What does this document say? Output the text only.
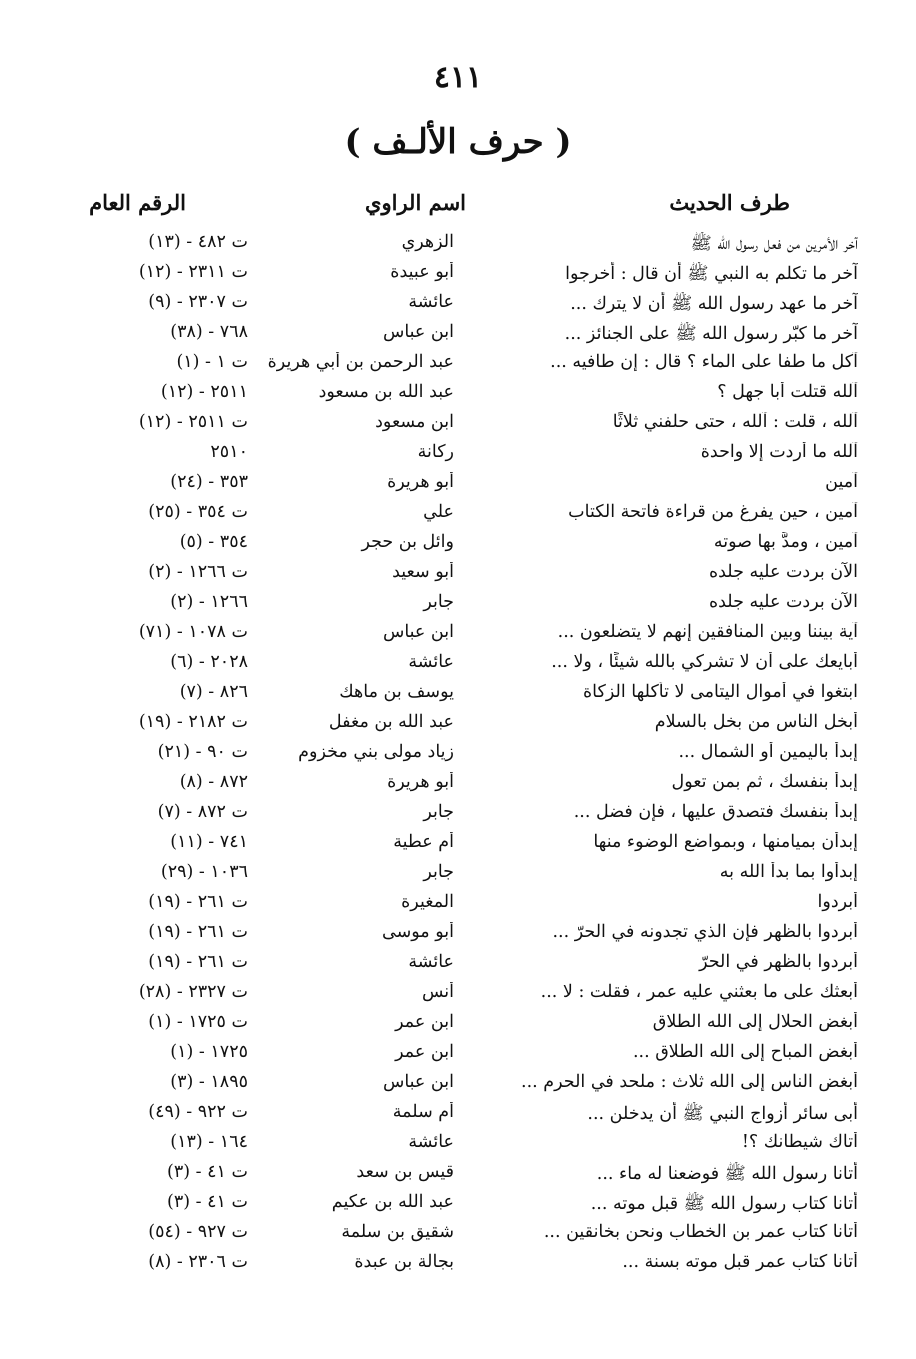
٤١١
( حرف الألـف )
طرف الحديث
اسم الراوي
الرقم العام
آخر الأمرين من فعل رسول الله ﷺ
الزهري
ت ٤٨٢ - (١٣)
آخر ما تكلم به النبي ﷺ أن قال : أخرجوا
أبو عبيدة
ت ٢٣١١ - (١٢)
آخر ما عهد رسول الله ﷺ أن لا يترك ...
عائشة
ت ٢٣٠٧ - (٩)
آخر ما كبّر رسول الله ﷺ على الجنائز ...
ابن عباس
٧٦٨ - (٣٨)
آكل ما طفا على الماء ؟ قال : إن طافيه ...
عبد الرحمن بن أبي هريرة
ت ١ - (١)
آلله قتلت أبا جهل ؟
عبد الله بن مسعود
٢٥١١ - (١٢)
آلله ، قلت : آلله ، حتى حلفني ثلاثًا
ابن مسعود
ت ٢٥١١ - (١٢)
آلله ما أردت إلا واحدة
ركانة
٢٥١٠
آمين
أبو هريرة
٣٥٣ - (٢٤)
آمين ، حين يفرغ من قراءة فاتحة الكتاب
علي
ت ٣٥٤ - (٢٥)
آمين ، ومدَّ بها صوته
وائل بن حجر
٣٥٤ - (٥)
الآن بردت عليه جلده
أبو سعيد
ت ١٢٦٦ - (٢)
الآن بردت عليه جلده
جابر
١٢٦٦ - (٢)
آية بيننا وبين المنافقين إنهم لا يتضلعون ...
ابن عباس
ت ١٠٧٨ - (٧١)
أبايعك على أن لا تشركي بالله شيئًا ، ولا ...
عائشة
٢٠٢٨ - (٦)
ابتغوا في أموال اليتامى لا تأكلها الزكاة
يوسف بن ماهك
٨٢٦ - (٧)
أبخل الناس من بخل بالسلام
عبد الله بن مغفل
ت ٢١٨٢ - (١٩)
إبدأ باليمين أو الشمال ...
زياد مولى بني مخزوم
ت ٩٠ - (٢١)
إبدأ بنفسك ، ثم بمن تعول
أبو هريرة
٨٧٢ - (٨)
إبدأ بنفسك فتصدق عليها ، فإن فضل ...
جابر
ت ٨٧٢ - (٧)
إبدأن بميامنها ، وبمواضع الوضوء منها
أم عطية
٧٤١ - (١١)
إبدأوا بما بدأ الله به
جابر
١٠٣٦ - (٢٩)
أبردوا
المغيرة
ت ٢٦١ - (١٩)
أبردوا بالظهر فإن الذي تجدونه في الحرّ ...
أبو موسى
ت ٢٦١ - (١٩)
أبردوا بالظهر في الحرّ
عائشة
ت ٢٦١ - (١٩)
أبعثك على ما بعثني عليه عمر ، فقلت : لا ...
أنس
ت ٢٣٢٧ - (٢٨)
أبغض الحلال إلى الله الطلاق
ابن عمر
ت ١٧٢٥ - (١)
أبغض المباح إلى الله الطلاق ...
ابن عمر
١٧٢٥ - (١)
أبغض الناس إلى الله ثلاث : ملحد في الحرم ...
ابن عباس
١٨٩٥ - (٣)
أبى سائر أزواج النبي ﷺ أن يدخلن ...
أم سلمة
ت ٩٢٢ - (٤٩)
أتاك شيطانك ؟!
عائشة
١٦٤ - (١٣)
أتانا رسول الله ﷺ فوضعنا له ماء ...
قيس بن سعد
ت ٤١ - (٣)
أتانا كتاب رسول الله ﷺ قبل موته ...
عبد الله بن عكيم
ت ٤١ - (٣)
أتانا كتاب عمر بن الخطاب ونحن بخانقين ...
شقيق بن سلمة
ت ٩٢٧ - (٥٤)
أتانا كتاب عمر قبل موته بسنة ...
بجالة بن عبدة
ت ٢٣٠٦ - (٨)
